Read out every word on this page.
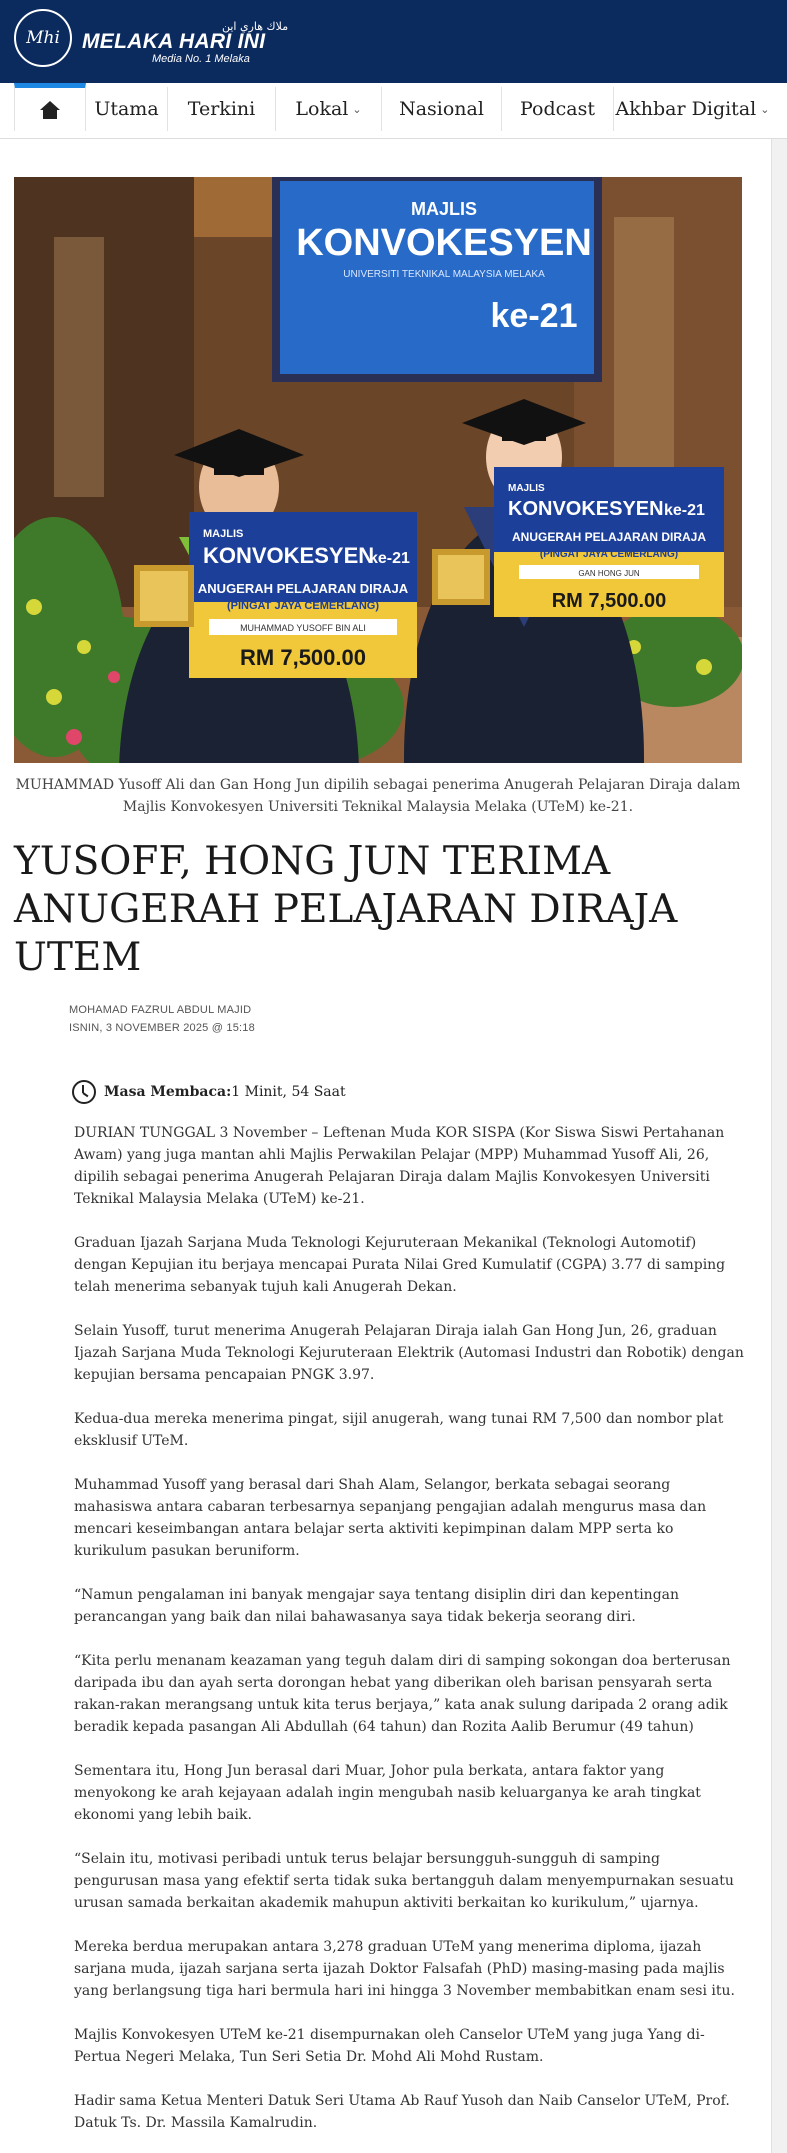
Mhi
ملاك هاري اين
MELAKA HARI INI
Media No. 1 Melaka
Utama Terkini Lokal ⌄ Nasional Podcast Akhbar Digital ⌄
MAJLIS
KONVOKESYEN
UNIVERSITI TEKNIKAL MALAYSIA MELAKA
ke-21
MAJLIS
KONVOKESYEN
ke-21
ANUGERAH PELAJARAN DIRAJA
(PINGAT JAYA CEMERLANG)
MUHAMMAD YUSOFF BIN ALI
RM 7,500.00
MAJLIS
KONVOKESYEN ke-21
ANUGERAH PELAJARAN DIRAJA
(PINGAT JAYA CEMERLANG)
GAN HONG JUN
RM 7,500.00
MUHAMMAD Yusoff Ali dan Gan Hong Jun dipilih sebagai penerima Anugerah Pelajaran Diraja dalam Majlis Konvokesyen Universiti Teknikal Malaysia Melaka (UTeM) ke-21.
YUSOFF, HONG JUN TERIMA ANUGERAH PELAJARAN DIRAJA UTEM
MOHAMAD FAZRUL ABDUL MAJID
ISNIN, 3 NOVEMBER 2025 @ 15:18
Masa Membaca: 1 Minit, 54 Saat

DURIAN TUNGGAL 3 November – Leftenan Muda KOR SISPA (Kor Siswa Siswi Pertahanan Awam) yang juga mantan ahli Majlis Perwakilan Pelajar (MPP) Muhammad Yusoff Ali, 26, dipilih sebagai penerima Anugerah Pelajaran Diraja dalam Majlis Konvokesyen Universiti Teknikal Malaysia Melaka (UTeM) ke-21.

Graduan Ijazah Sarjana Muda Teknologi Kejuruteraan Mekanikal (Teknologi Automotif) dengan Kepujian itu berjaya mencapai Purata Nilai Gred Kumulatif (CGPA) 3.77 di samping telah menerima sebanyak tujuh kali Anugerah Dekan.

Selain Yusoff, turut menerima Anugerah Pelajaran Diraja ialah Gan Hong Jun, 26, graduan Ijazah Sarjana Muda Teknologi Kejuruteraan Elektrik (Automasi Industri dan Robotik) dengan kepujian bersama pencapaian PNGK 3.97.

Kedua-dua mereka menerima pingat, sijil anugerah, wang tunai RM 7,500 dan nombor plat eksklusif UTeM.

Muhammad Yusoff yang berasal dari Shah Alam, Selangor, berkata sebagai seorang mahasiswa antara cabaran terbesarnya sepanjang pengajian adalah mengurus masa dan mencari keseimbangan antara belajar serta aktiviti kepimpinan dalam MPP serta ko kurikulum pasukan beruniform.

“Namun pengalaman ini banyak mengajar saya tentang disiplin diri dan kepentingan perancangan yang baik dan nilai bahawasanya saya tidak bekerja seorang diri.

“Kita perlu menanam keazaman yang teguh dalam diri di samping sokongan doa berterusan daripada ibu dan ayah serta dorongan hebat yang diberikan oleh barisan pensyarah serta rakan-rakan merangsang untuk kita terus berjaya,” kata anak sulung daripada 2 orang adik beradik kepada pasangan Ali Abdullah (64 tahun) dan Rozita Aalib Berumur (49 tahun)

Sementara itu, Hong Jun berasal dari Muar, Johor pula berkata, antara faktor yang menyokong ke arah kejayaan adalah ingin mengubah nasib keluarganya ke arah tingkat ekonomi yang lebih baik.

“Selain itu, motivasi peribadi untuk terus belajar bersungguh-sungguh di samping pengurusan masa yang efektif serta tidak suka bertangguh dalam menyempurnakan sesuatu urusan samada berkaitan akademik mahupun aktiviti berkaitan ko kurikulum,” ujarnya.

Mereka berdua merupakan antara 3,278 graduan UTeM yang menerima diploma, ijazah sarjana muda, ijazah sarjana serta ijazah Doktor Falsafah (PhD) masing-masing pada majlis yang berlangsung tiga hari bermula hari ini hingga 3 November membabitkan enam sesi itu.

Majlis Konvokesyen UTeM ke-21 disempurnakan oleh Canselor UTeM yang juga Yang di-Pertua Negeri Melaka, Tun Seri Setia Dr. Mohd Ali Mohd Rustam.

Hadir sama Ketua Menteri Datuk Seri Utama Ab Rauf Yusoh dan Naib Canselor UTeM, Prof. Datuk Ts. Dr. Massila Kamalrudin.
